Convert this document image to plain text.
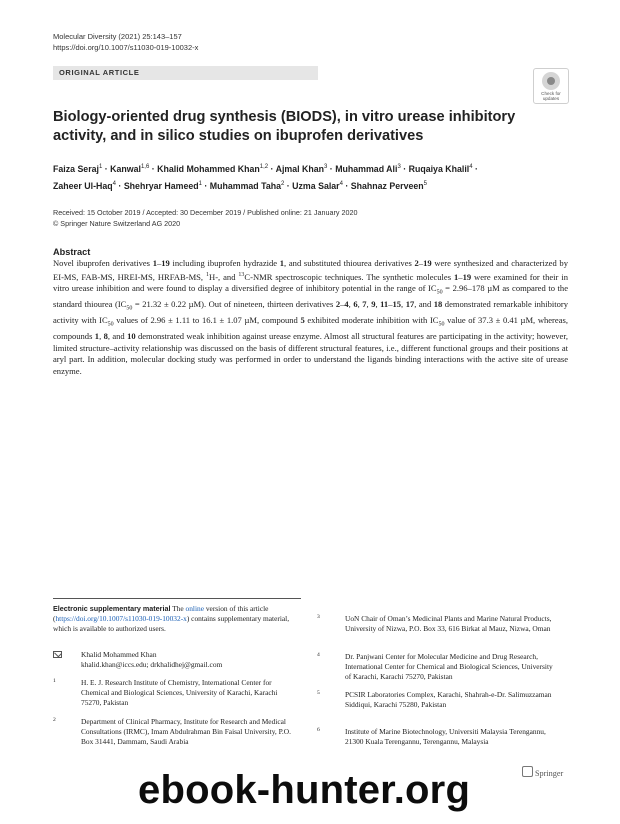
Molecular Diversity (2021) 25:143–157
https://doi.org/10.1007/s11030-019-10032-x
ORIGINAL ARTICLE
Check for updates
Biology-oriented drug synthesis (BIODS), in vitro urease inhibitory activity, and in silico studies on ibuprofen derivatives
Faiza Seraj$^1$ · Kanwal$^{1,6}$ · Khalid Mohammed Khan$^{1,2}$ · Ajmal Khan$^3$ · Muhammad Ali$^3$ · Ruqaiya Khalil$^4$ ·
Zaheer Ul-Haq$^4$ · Shehryar Hameed$^1$ · Muhammad Taha$^2$ · Uzma Salar$^4$ · Shahnaz Perveen$^5$
Received: 15 October 2019 / Accepted: 30 December 2019 / Published online: 21 January 2020
© Springer Nature Switzerland AG 2020
Abstract
Novel ibuprofen derivatives 1–19 including ibuprofen hydrazide 1, and substituted thiourea derivatives 2–19 were synthesized and characterized by EI-MS, FAB-MS, HREI-MS, HRFAB-MS, $^1$H-, and $^{13}$C-NMR spectroscopic techniques. The synthetic molecules 1–19 were examined for their in vitro urease inhibition and were found to display a diversified degree of inhibitory potential in the range of $IC_{50} = 2.96-178$ µM as compared to the standard thiourea ($IC_{50} = 21.32 \pm 0.22$ µM). Out of nineteen, thirteen derivatives 2–4, 6, 7, 9, 11–15, 17, and 18 demonstrated remarkable inhibitory activity with $IC_{50}$ values of 2.96 ± 1.11 to 16.1 ± 1.07 µM, compound 5 exhibited moderate inhibition with $IC_{50}$ value of 37.3 ± 0.41 µM, whereas, compounds 1, 8, and 10 demonstrated weak inhibition against urease enzyme. Almost all structural features are participating in the activity; however, limited structure–activity relationship was discussed on the basis of different structural features, i.e., different functional groups and their positions at aryl part. In addition, molecular docking study was performed in order to understand the ligands binding interactions with the active site of urease enzyme.
Electronic supplementary material The online version of this article (https://doi.org/10.1007/s11030-019-10032-x) contains supplementary material, which is available to authorized users.
Khalid Mohammed Khan
khalid.khan@iccs.edu; drkhalidhej@gmail.com
1	H. E. J. Research Institute of Chemistry, International Center for Chemical and Biological Sciences, University of Karachi, Karachi 75270, Pakistan
2	Department of Clinical Pharmacy, Institute for Research and Medical Consultations (IRMC), Imam Abdulrahman Bin Faisal University, P.O. Box 31441, Dammam, Saudi Arabia
3	UoN Chair of Oman’s Medicinal Plants and Marine Natural Products, University of Nizwa, P.O. Box 33, 616 Birkat al Mauz, Nizwa, Oman
4	Dr. Panjwani Center for Molecular Medicine and Drug Research, International Center for Chemical and Biological Sciences, University of Karachi, Karachi 75270, Pakistan
5	PCSIR Laboratories Complex, Karachi, Shahrah-e-Dr. Salimuzzaman Siddiqui, Karachi 75280, Pakistan
6	Institute of Marine Biotechnology, Universiti Malaysia Terengannu, 21300 Kuala Terengannu, Terengannu, Malaysia
Springer
ebook-hunter.org
